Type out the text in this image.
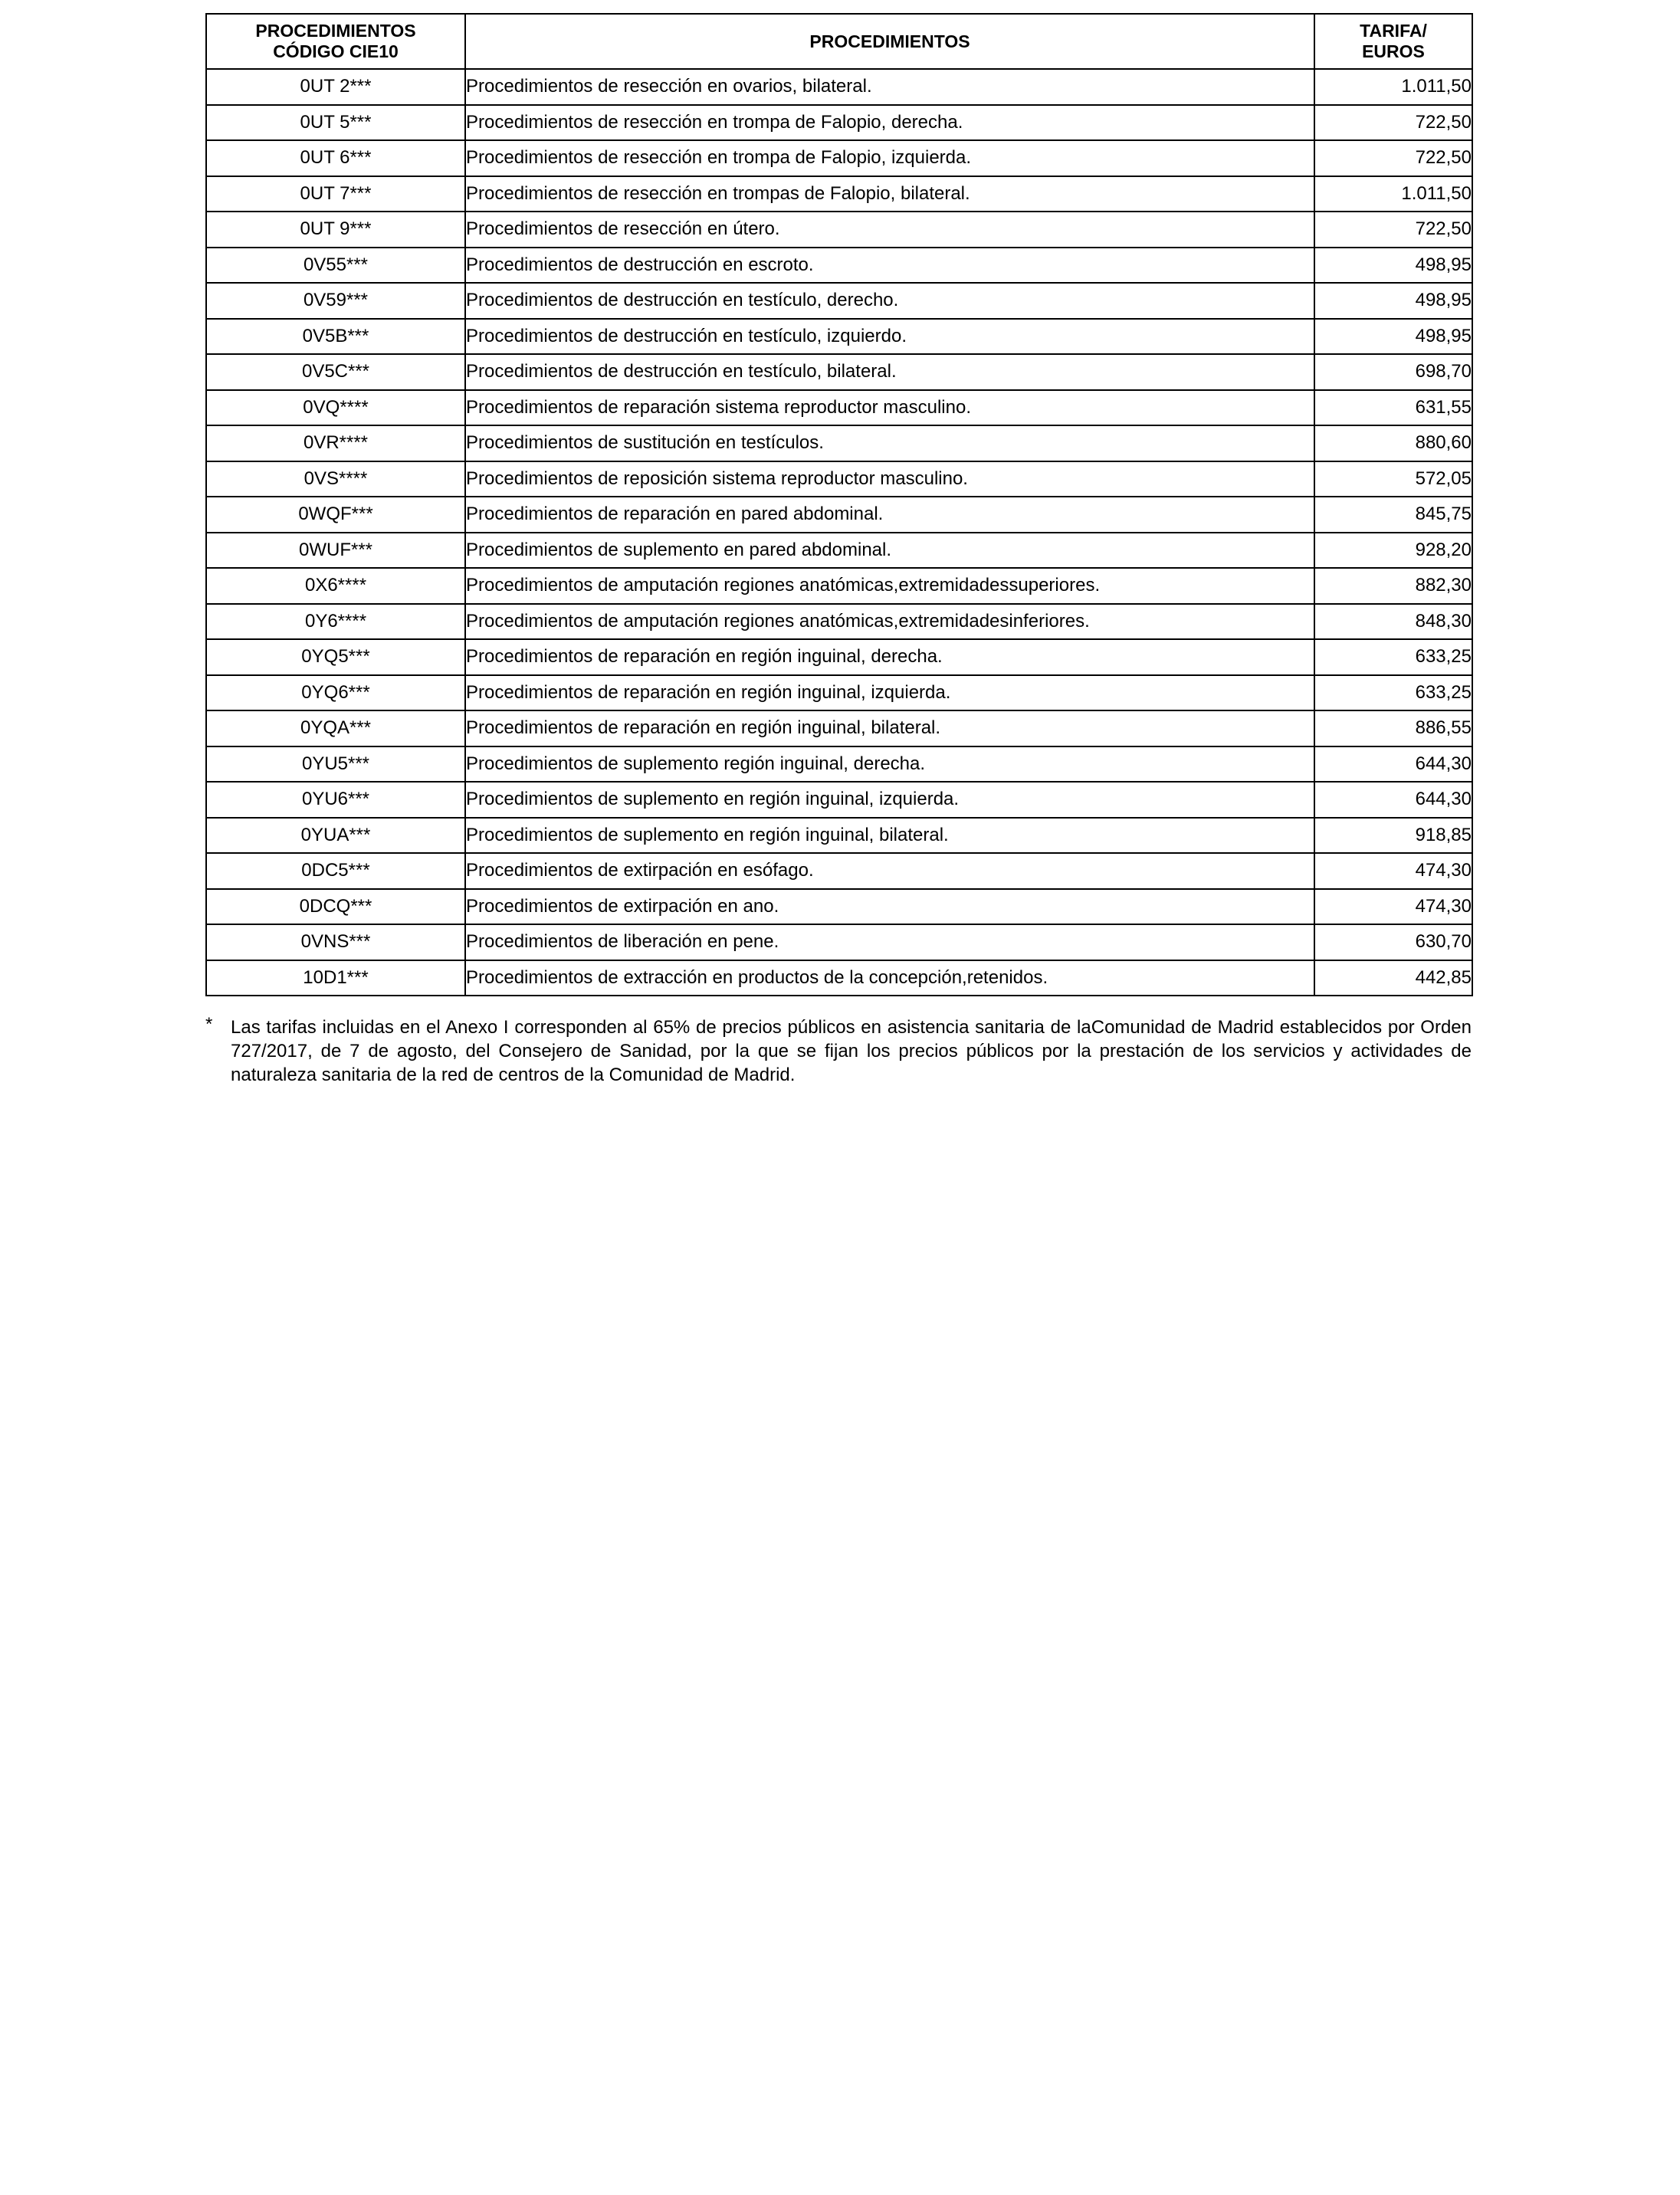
PROCEDIMIENTOS
CÓDIGO CIE10	PROCEDIMIENTOS	TARIFA/
EUROS
0UT 2***	Procedimientos de resección en ovarios, bilateral.	1.011,50
0UT 5***	Procedimientos de resección en trompa de Falopio, derecha.	722,50
0UT 6***	Procedimientos de resección en trompa de Falopio, izquierda.	722,50
0UT 7***	Procedimientos de resección en trompas de Falopio, bilateral.	1.011,50
0UT 9***	Procedimientos de resección en útero.	722,50
0V55***	Procedimientos de destrucción en escroto.	498,95
0V59***	Procedimientos de destrucción en testículo, derecho.	498,95
0V5B***	Procedimientos de destrucción en testículo, izquierdo.	498,95
0V5C***	Procedimientos de destrucción en testículo, bilateral.	698,70
0VQ****	Procedimientos de reparación sistema reproductor masculino.	631,55
0VR****	Procedimientos de sustitución en testículos.	880,60
0VS****	Procedimientos de reposición sistema reproductor masculino.	572,05
0WQF***	Procedimientos de reparación en pared abdominal.	845,75
0WUF***	Procedimientos de suplemento en pared abdominal.	928,20
0X6****	Procedimientos de amputación regiones anatómicas,extremidadessuperiores.	882,30
0Y6****	Procedimientos de amputación regiones anatómicas,extremidadesinferiores.	848,30
0YQ5***	Procedimientos de reparación en región inguinal, derecha.	633,25
0YQ6***	Procedimientos de reparación en región inguinal, izquierda.	633,25
0YQA***	Procedimientos de reparación en región inguinal, bilateral.	886,55
0YU5***	Procedimientos de suplemento región inguinal, derecha.	644,30
0YU6***	Procedimientos de suplemento en región inguinal, izquierda.	644,30
0YUA***	Procedimientos de suplemento en región inguinal, bilateral.	918,85
0DC5***	Procedimientos de extirpación en esófago.	474,30
0DCQ***	Procedimientos de extirpación en ano.	474,30
0VNS***	Procedimientos de liberación en pene.	630,70
10D1***	Procedimientos de extracción en productos de la concepción,retenidos.	442,85
* Las tarifas incluidas en el Anexo I corresponden al 65% de precios públicos en asistencia sanitaria de laComunidad de Madrid establecidos por Orden 727/2017, de 7 de agosto, del Consejero de Sanidad, por la que se fijan los precios públicos por la prestación de los servicios y actividades de naturaleza sanitaria de la red de centros de la Comunidad de Madrid.
